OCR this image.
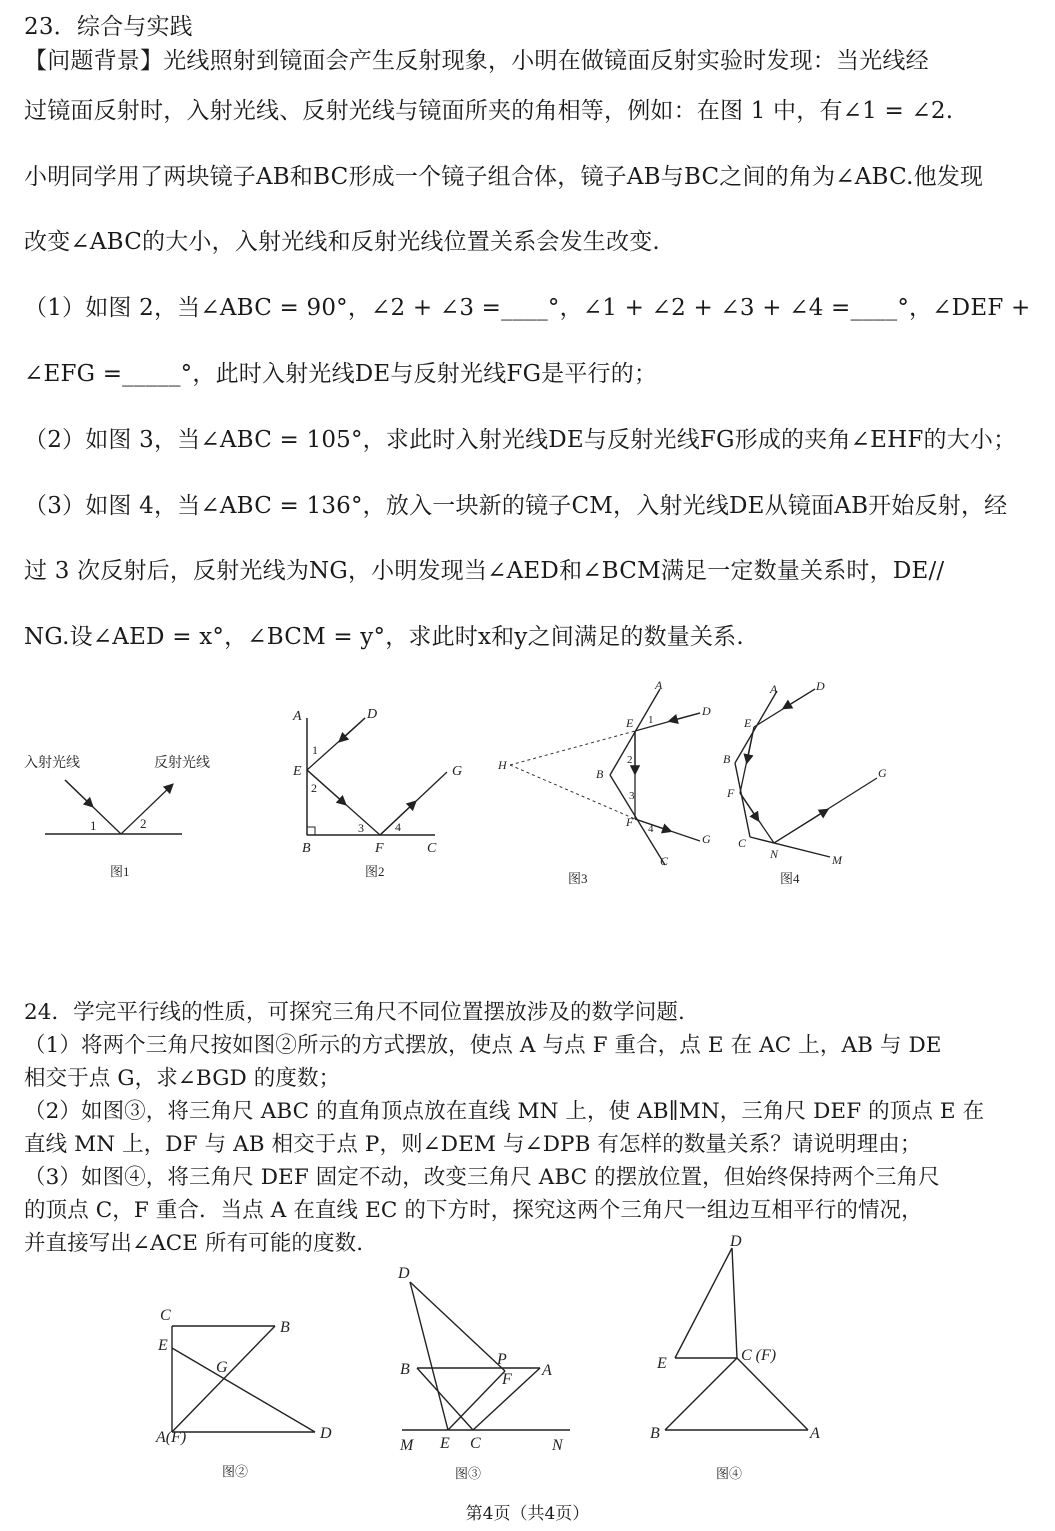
23．综合与实践
【问题背景】光线照射到镜面会产生反射现象，小明在做镜面反射实验时发现：当光线经
过镜面反射时，入射光线、反射光线与镜面所夹的角相等，例如：在图 1 中，有∠1 = ∠2.
小明同学用了两块镜子AB和BC形成一个镜子组合体，镜子AB与BC之间的角为∠ABC.他发现
改变∠ABC的大小，入射光线和反射光线位置关系会发生改变.
（1）如图 2，当∠ABC = 90°，∠2 + ∠3 =____°，∠1 + ∠2 + ∠3 + ∠4 =____°，∠DEF +
∠EFG =_____°，此时入射光线DE与反射光线FG是平行的；
（2）如图 3，当∠ABC = 105°，求此时入射光线DE与反射光线FG形成的夹角∠EHF的大小；
（3）如图 4，当∠ABC = 136°，放入一块新的镜子CM，入射光线DE从镜面AB开始反射，经
过 3 次反射后，反射光线为NG，小明发现当∠AED和∠BCM满足一定数量关系时，DE//
NG.设∠AED = x°，∠BCM = y°，求此时x和y之间满足的数量关系.
入射光线	反射光线
1	2
图1
A	D
E
1
2
3	4
G
B	F	C
图2
A
E 1
D
2
H
B
3
F 4
G
C
图3
A	D
E
B
G
F
C
N	M
图4
24．学完平行线的性质，可探究三角尺不同位置摆放涉及的数学问题.
（1）将两个三角尺按如图②所示的方式摆放，使点 A 与点 F 重合，点 E 在 AC 上，AB 与 DE
相交于点 G，求∠BGD 的度数；
（2）如图③，将三角尺 ABC 的直角顶点放在直线 MN 上，使 AB∥MN，三角尺 DEF 的顶点 E 在
直线 MN 上，DF 与 AB 相交于点 P，则∠DEM 与∠DPB 有怎样的数量关系？请说明理由；
（3）如图④，将三角尺 DEF 固定不动，改变三角尺 ABC 的摆放位置，但始终保持两个三角尺
的顶点 C，F 重合．当点 A 在直线 EC 的下方时，探究这两个三角尺一组边互相平行的情况，
并直接写出∠ACE 所有可能的度数.
C
B
E
G
A(F)	D
图②
D
B
P
A
F
M E C	N
图③
D
E	C (F)
B	A
图④
第4页（共4页）
